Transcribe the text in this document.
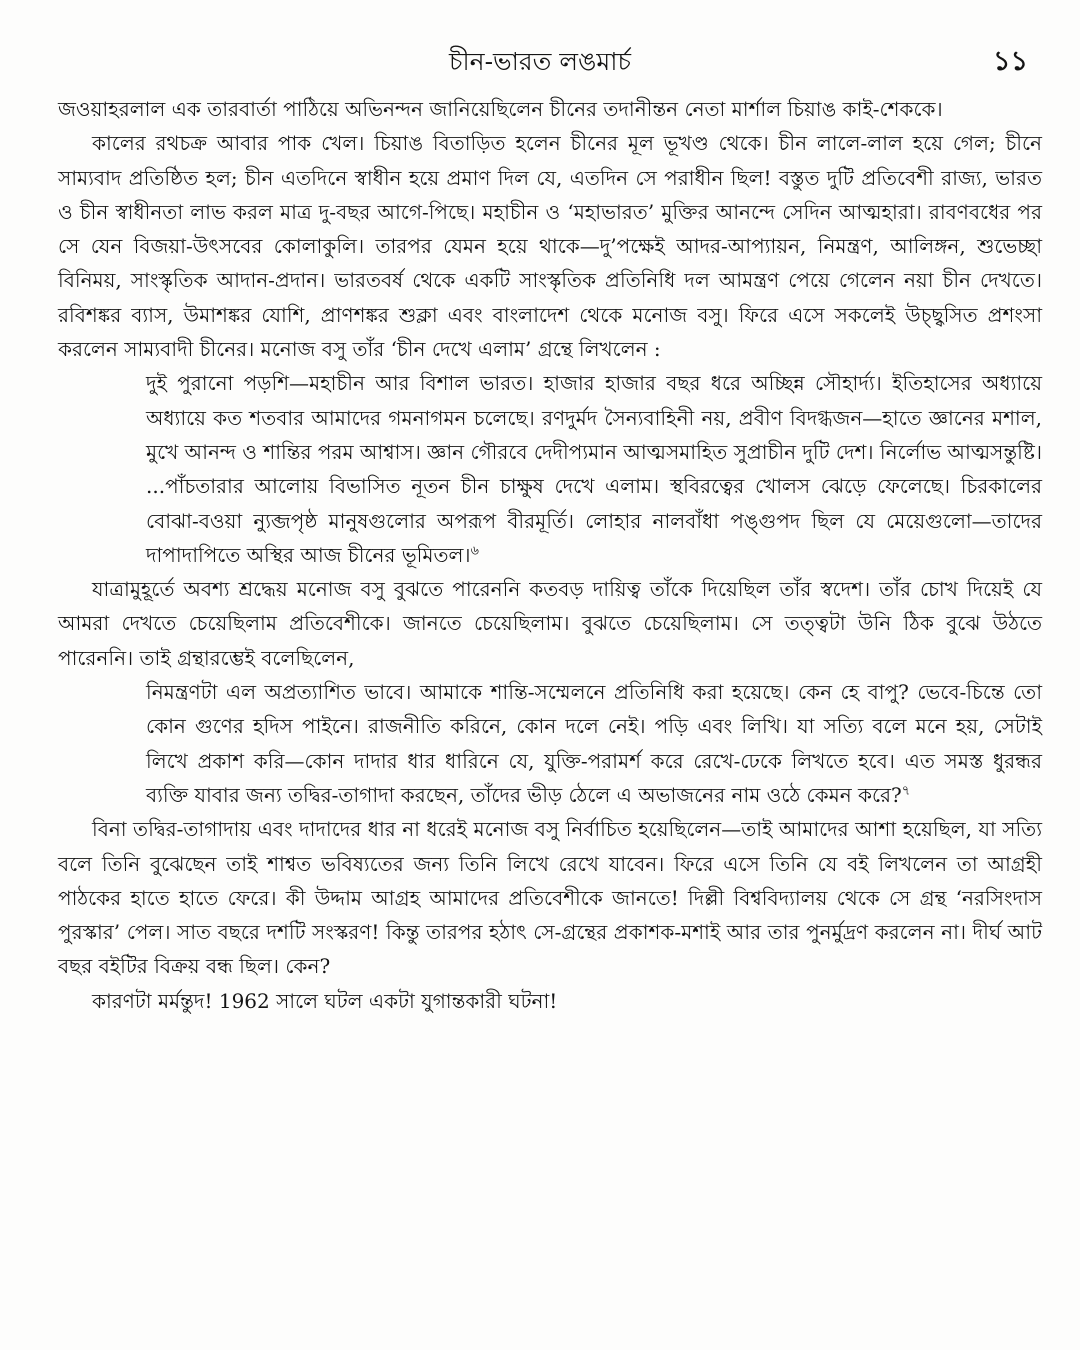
চীন-ভারত লঙমার্চ	১১

জওয়াহরলাল এক তারবার্তা পাঠিয়ে অভিনন্দন জানিয়েছিলেন চীনের তদানীন্তন নেতা মার্শাল চিয়াঙ কাই-শেককে।

কালের রথচক্র আবার পাক খেল। চিয়াঙ বিতাড়িত হলেন চীনের মূল ভূখণ্ড থেকে। চীন লালে-লাল হয়ে গেল; চীনে সাম্যবাদ প্রতিষ্ঠিত হল; চীন এতদিনে স্বাধীন হয়ে প্রমাণ দিল যে, এতদিন সে পরাধীন ছিল! বস্তুত দুটি প্রতিবেশী রাজ্য, ভারত ও চীন স্বাধীনতা লাভ করল মাত্র দু-বছর আগে-পিছে। মহাচীন ও ‘মহাভারত’ মুক্তির আনন্দে সেদিন আত্মহারা। রাবণবধের পর সে যেন বিজয়া-উৎসবের কোলাকুলি। তারপর যেমন হয়ে থাকে—দু’পক্ষেই আদর-আপ্যায়ন, নিমন্ত্রণ, আলিঙ্গন, শুভেচ্ছা বিনিময়, সাংস্কৃতিক আদান-প্রদান। ভারতবর্ষ থেকে একটি সাংস্কৃতিক প্রতিনিধি দল আমন্ত্রণ পেয়ে গেলেন নয়া চীন দেখতে। রবিশঙ্কর ব্যাস, উমাশঙ্কর যোশি, প্রাণশঙ্কর শুক্লা এবং বাংলাদেশ থেকে মনোজ বসু। ফিরে এসে সকলেই উচ্ছ্বসিত প্রশংসা করলেন সাম্যবাদী চীনের। মনোজ বসু তাঁর ‘চীন দেখে এলাম’ গ্রন্থে লিখলেন :

দুই পুরানো পড়শি—মহাচীন আর বিশাল ভারত। হাজার হাজার বছর ধরে অচ্ছিন্ন সৌহার্দ্য। ইতিহাসের অধ্যায়ে অধ্যায়ে কত শতবার আমাদের গমনাগমন চলেছে। রণদুর্মদ সৈন্যবাহিনী নয়, প্রবীণ বিদগ্ধজন—হাতে জ্ঞানের মশাল, মুখে আনন্দ ও শান্তির পরম আশ্বাস। জ্ঞান গৌরবে দেদীপ্যমান আত্মসমাহিত সুপ্রাচীন দুটি দেশ। নির্লোভ আত্মসন্তুষ্টি। ...পাঁচতারার আলোয় বিভাসিত নূতন চীন চাক্ষুষ দেখে এলাম। স্থবিরত্বের খোলস ঝেড়ে ফেলেছে। চিরকালের বোঝা-বওয়া ন্যুব্জপৃষ্ঠ মানুষগুলোর অপরূপ বীরমূর্তি। লোহার নালবাঁধা পঙ্গুপদ ছিল যে মেয়েগুলো—তাদের দাপাদাপিতে অস্থির আজ চীনের ভূমিতল।$^৬$

যাত্রামুহূর্তে অবশ্য শ্রদ্ধেয় মনোজ বসু বুঝতে পারেননি কতবড় দায়িত্ব তাঁকে দিয়েছিল তাঁর স্বদেশ। তাঁর চোখ দিয়েই যে আমরা দেখতে চেয়েছিলাম প্রতিবেশীকে। জানতে চেয়েছিলাম। বুঝতে চেয়েছিলাম। সে তত্ত্বটা উনি ঠিক বুঝে উঠতে পারেননি। তাই গ্রন্থারম্ভেই বলেছিলেন,

নিমন্ত্রণটা এল অপ্রত্যাশিত ভাবে। আমাকে শান্তি-সম্মেলনে প্রতিনিধি করা হয়েছে। কেন হে বাপু? ভেবে-চিন্তে তো কোন গুণের হদিস পাইনে। রাজনীতি করিনে, কোন দলে নেই। পড়ি এবং লিখি। যা সত্যি বলে মনে হয়, সেটাই লিখে প্রকাশ করি—কোন দাদার ধার ধারিনে যে, যুক্তি-পরামর্শ করে রেখে-ঢেকে লিখতে হবে। এত সমস্ত ধুরন্ধর ব্যক্তি যাবার জন্য তদ্বির-তাগাদা করছেন, তাঁদের ভীড় ঠেলে এ অভাজনের নাম ওঠে কেমন করে?$^৭$

বিনা তদ্বির-তাগাদায় এবং দাদাদের ধার না ধরেই মনোজ বসু নির্বাচিত হয়েছিলেন—তাই আমাদের আশা হয়েছিল, যা সত্যি বলে তিনি বুঝেছেন তাই শাশ্বত ভবিষ্যতের জন্য তিনি লিখে রেখে যাবেন। ফিরে এসে তিনি যে বই লিখলেন তা আগ্রহী পাঠকের হাতে হাতে ফেরে। কী উদ্দাম আগ্রহ আমাদের প্রতিবেশীকে জানতে! দিল্লী বিশ্ববিদ্যালয় থেকে সে গ্রন্থ ‘নরসিংদাস পুরস্কার’ পেল। সাত বছরে দশটি সংস্করণ! কিন্তু তারপর হঠাৎ সে-গ্রন্থের প্রকাশক-মশাই আর তার পুনর্মুদ্রণ করলেন না। দীর্ঘ আট বছর বইটির বিক্রয় বন্ধ ছিল। কেন?

কারণটা মর্মন্তুদ! 1962 সালে ঘটল একটা যুগান্তকারী ঘটনা!
